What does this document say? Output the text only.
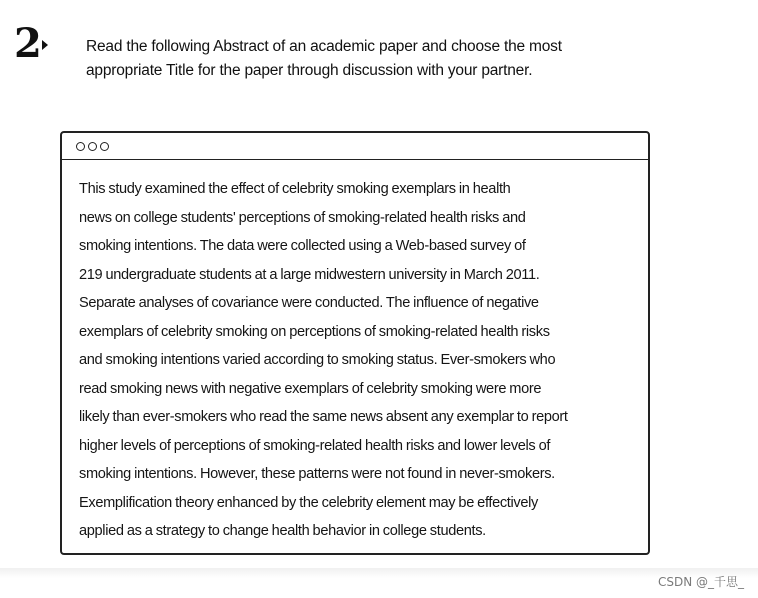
2	Read the following Abstract of an academic paper and choose the most
appropriate Title for the paper through discussion with your partner.
This study examined the effect of celebrity smoking exemplars in health
news on college students' perceptions of smoking-related health risks and
smoking intentions. The data were collected using a Web-based survey of
219 undergraduate students at a large midwestern university in March 2011.
Separate analyses of covariance were conducted. The influence of negative
exemplars of celebrity smoking on perceptions of smoking-related health risks
and smoking intentions varied according to smoking status. Ever-smokers who
read smoking news with negative exemplars of celebrity smoking were more
likely than ever-smokers who read the same news absent any exemplar to report
higher levels of perceptions of smoking-related health risks and lower levels of
smoking intentions. However, these patterns were not found in never-smokers.
Exemplification theory enhanced by the celebrity element may be effectively
applied as a strategy to change health behavior in college students.
CSDN @_千思_
